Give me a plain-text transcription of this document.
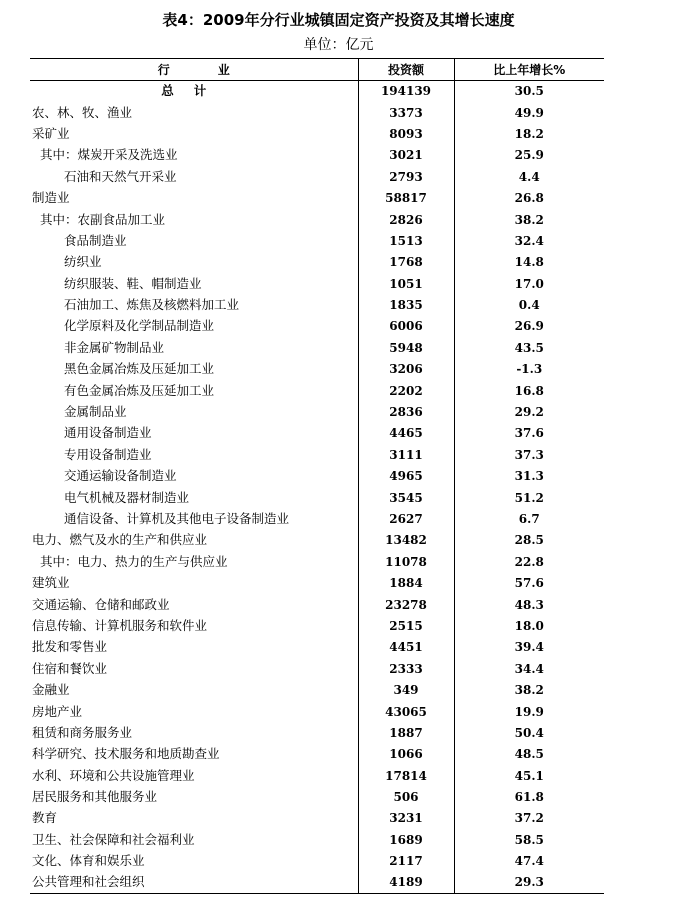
表4：2009年分行业城镇固定资产投资及其增长速度
单位：亿元
行业	投资额	比上年增长%
总计	194139	30.5
农、林、牧、渔业	3373	49.9
采矿业	8093	18.2
其中：煤炭开采及洗选业	3021	25.9
石油和天然气开采业	2793	4.4
制造业	58817	26.8
其中：农副食品加工业	2826	38.2
食品制造业	1513	32.4
纺织业	1768	14.8
纺织服装、鞋、帽制造业	1051	17.0
石油加工、炼焦及核燃料加工业	1835	0.4
化学原料及化学制品制造业	6006	26.9
非金属矿物制品业	5948	43.5
黑色金属冶炼及压延加工业	3206	-1.3
有色金属冶炼及压延加工业	2202	16.8
金属制品业	2836	29.2
通用设备制造业	4465	37.6
专用设备制造业	3111	37.3
交通运输设备制造业	4965	31.3
电气机械及器材制造业	3545	51.2
通信设备、计算机及其他电子设备制造业	2627	6.7
电力、燃气及水的生产和供应业	13482	28.5
其中：电力、热力的生产与供应业	11078	22.8
建筑业	1884	57.6
交通运输、仓储和邮政业	23278	48.3
信息传输、计算机服务和软件业	2515	18.0
批发和零售业	4451	39.4
住宿和餐饮业	2333	34.4
金融业	349	38.2
房地产业	43065	19.9
租赁和商务服务业	1887	50.4
科学研究、技术服务和地质勘查业	1066	48.5
水利、环境和公共设施管理业	17814	45.1
居民服务和其他服务业	506	61.8
教育	3231	37.2
卫生、社会保障和社会福利业	1689	58.5
文化、体育和娱乐业	2117	47.4
公共管理和社会组织	4189	29.3
